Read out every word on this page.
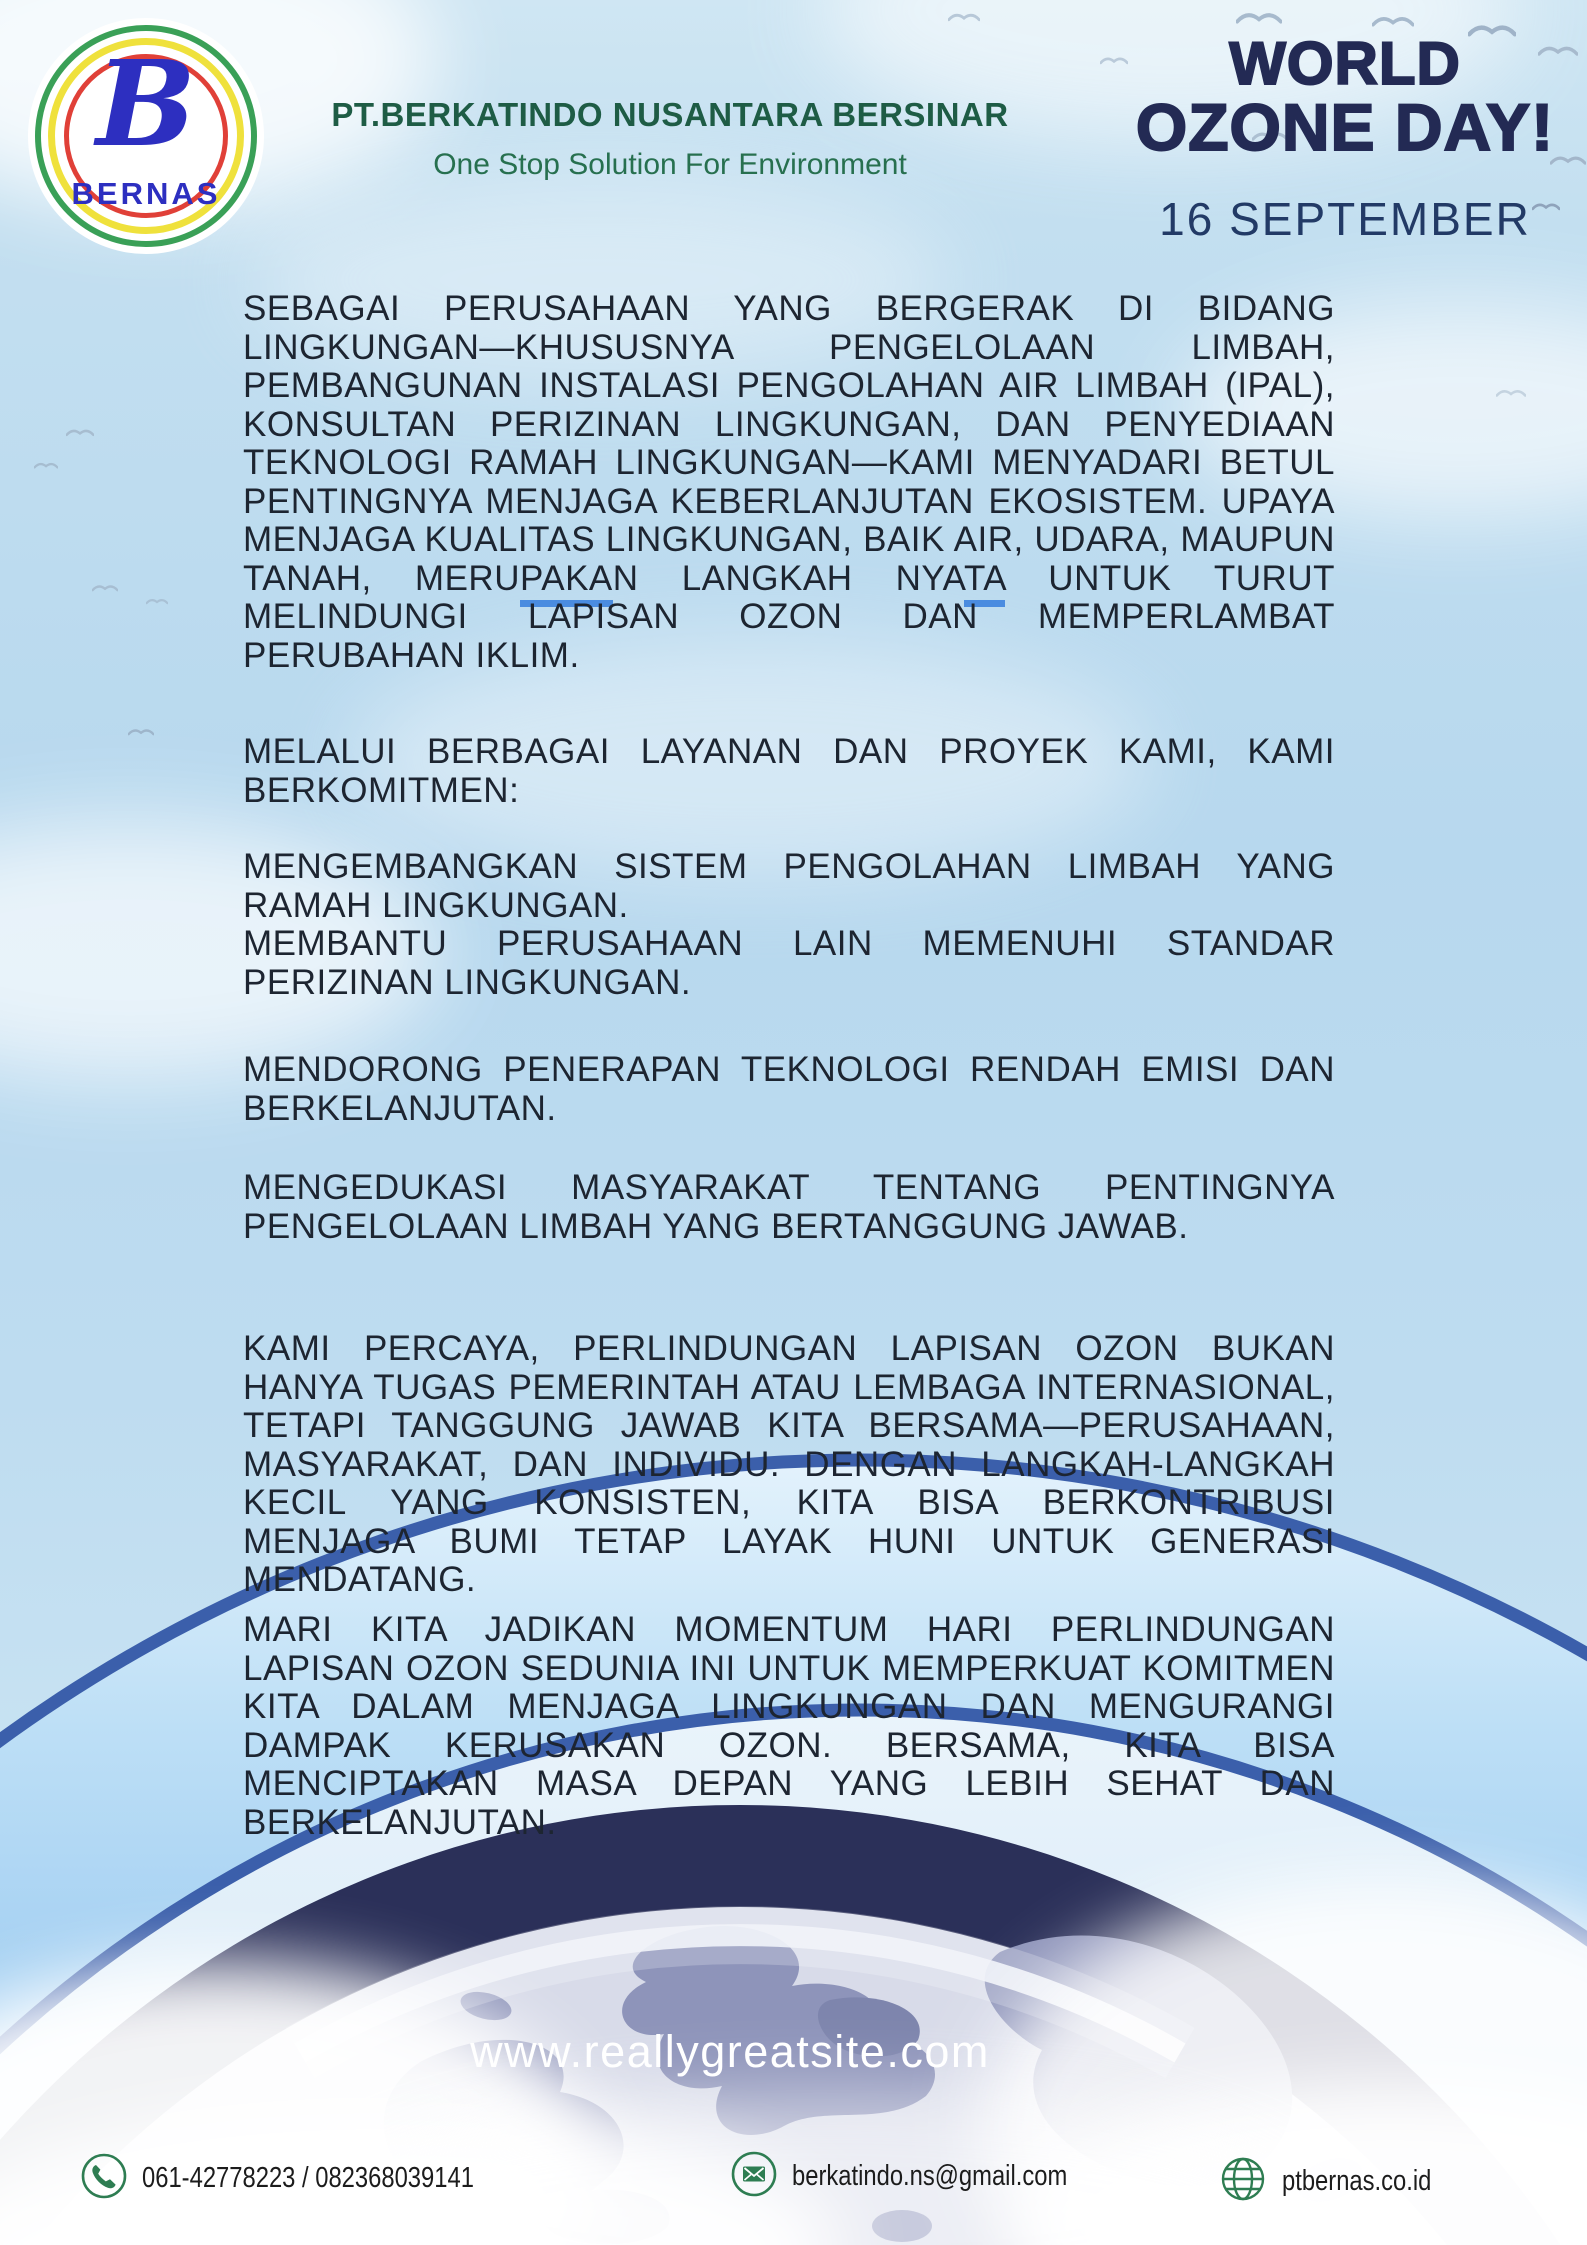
B
BERNAS
PT.BERKATINDO NUSANTARA BERSINAR
One Stop Solution For Environment
WORLD
OZONE DAY!
16 SEPTEMBER
SEBAGAI PERUSAHAAN YANG BERGERAK DI BIDANG LINGKUNGAN—KHUSUSNYA PENGELOLAAN LIMBAH, PEMBANGUNAN INSTALASI PENGOLAHAN AIR LIMBAH (IPAL), KONSULTAN PERIZINAN LINGKUNGAN, DAN PENYEDIAAN TEKNOLOGI RAMAH LINGKUNGAN—KAMI MENYADARI BETUL PENTINGNYA MENJAGA KEBERLANJUTAN EKOSISTEM. UPAYA MENJAGA KUALITAS LINGKUNGAN, BAIK AIR, UDARA, MAUPUN TANAH, MERUPAKAN LANGKAH NYATA UNTUK TURUT MELINDUNGI LAPISAN OZON DAN MEMPERLAMBAT PERUBAHAN IKLIM.
MELALUI BERBAGAI LAYANAN DAN PROYEK KAMI, KAMI BERKOMITMEN:
MENGEMBANGKAN SISTEM PENGOLAHAN LIMBAH YANG RAMAH LINGKUNGAN.
MEMBANTU PERUSAHAAN LAIN MEMENUHI STANDAR PERIZINAN LINGKUNGAN.
MENDORONG PENERAPAN TEKNOLOGI RENDAH EMISI DAN BERKELANJUTAN.
MENGEDUKASI MASYARAKAT TENTANG PENTINGNYA PENGELOLAAN LIMBAH YANG BERTANGGUNG JAWAB.
KAMI PERCAYA, PERLINDUNGAN LAPISAN OZON BUKAN HANYA TUGAS PEMERINTAH ATAU LEMBAGA INTERNASIONAL, TETAPI TANGGUNG JAWAB KITA BERSAMA—PERUSAHAAN, MASYARAKAT, DAN INDIVIDU. DENGAN LANGKAH-LANGKAH KECIL YANG KONSISTEN, KITA BISA BERKONTRIBUSI MENJAGA BUMI TETAP LAYAK HUNI UNTUK GENERASI MENDATANG.
MARI KITA JADIKAN MOMENTUM HARI PERLINDUNGAN LAPISAN OZON SEDUNIA INI UNTUK MEMPERKUAT KOMITMEN KITA DALAM MENJAGA LINGKUNGAN DAN MENGURANGI DAMPAK KERUSAKAN OZON. BERSAMA, KITA BISA MENCIPTAKAN MASA DEPAN YANG LEBIH SEHAT DAN BERKELANJUTAN.
www.reallygreatsite.com
061-42778223 / 082368039141	berkatindo.ns@gmail.com	ptbernas.co.id
